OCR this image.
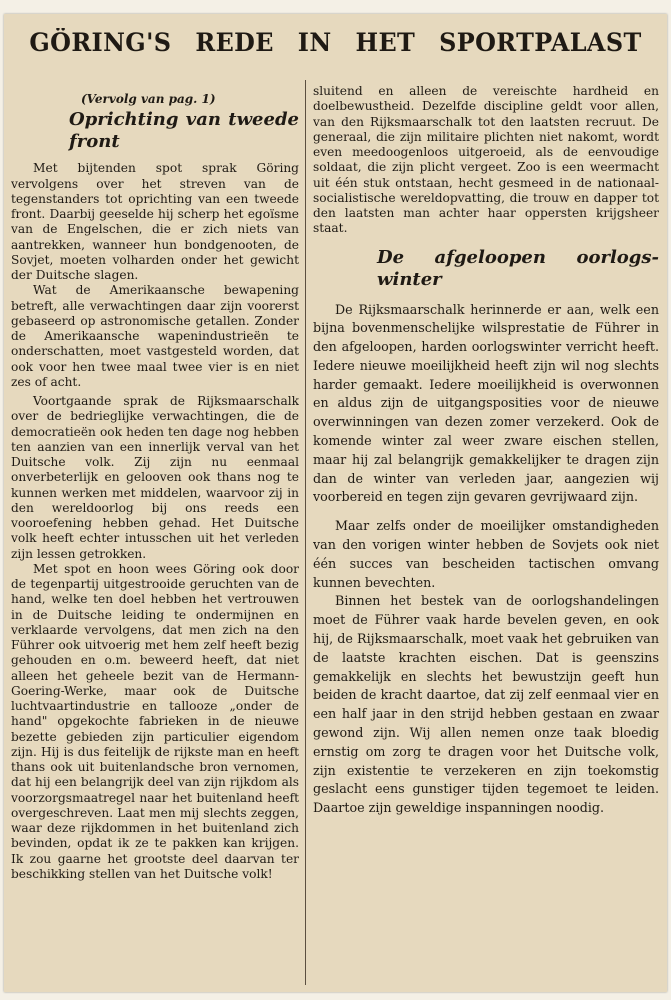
GÖRING'S REDE IN HET SPORTPALAST
(Vervolg van pag. 1)
Oprichting van tweede front

Met bijtenden spot sprak Göring vervolgens over het streven van de tegenstanders tot oprichting van een tweede front. Daarbij geeselde hij scherp het egoïsme van de Engelschen, die er zich niets van aantrekken, wanneer hun bondgenooten, de Sovjet, moeten volharden onder het gewicht der Duitsche slagen.

Wat de Amerikaansche bewapening betreft, alle verwachtingen daar zijn voorerst gebaseerd op astronomische getallen. Zonder de Amerikaansche wapenindustrieën te onderschatten, moet vastgesteld worden, dat ook voor hen twee maal twee vier is en niet zes of acht.

Voortgaande sprak de Rijksmaarschalk over de bedrieglijke verwachtingen, die de democratieën ook heden ten dage nog hebben ten aanzien van een innerlijk verval van het Duitsche volk. Zij zijn nu eenmaal onverbeterlijk en gelooven ook thans nog te kunnen werken met middelen, waarvoor zij in den wereldoorlog bij ons reeds een vooroefening hebben gehad. Het Duitsche volk heeft echter intusschen uit het verleden zijn lessen getrokken.

Met spot en hoon wees Göring ook door de tegenpartij uitgestrooide geruchten van de hand, welke ten doel hebben het vertrouwen in de Duitsche leiding te ondermijnen en verklaarde vervolgens, dat men zich na den Führer ook uitvoerig met hem zelf heeft bezig gehouden en o.m. beweerd heeft, dat niet alleen het geheele bezit van de Hermann-Goering-Werke, maar ook de Duitsche luchtvaartindustrie en tallooze „onder de hand" opgekochte fabrieken in de nieuwe bezette gebieden zijn particulier eigendom zijn. Hij is dus feitelijk de rijkste man en heeft thans ook uit buitenlandsche bron vernomen, dat hij een belangrijk deel van zijn rijkdom als voorzorgsmaatregel naar het buitenland heeft overgeschreven. Laat men mij slechts zeggen, waar deze rijkdommen in het buitenland zich bevinden, opdat ik ze te pakken kan krijgen. Ik zou gaarne het grootste deel daarvan ter beschikking stellen van het Duitsche volk!

sluitend en alleen de vereischte hardheid en doelbewustheid. Dezelfde discipline geldt voor allen, van den Rijksmaarschalk tot den laatsten recruut. De generaal, die zijn militaire plichten niet nakomt, wordt even meedoogenloos uitgeroeid, als de eenvoudige soldaat, die zijn plicht vergeet. Zoo is een weermacht uit één stuk ontstaan, hecht gesmeed in de nationaal-socialistische wereldopvatting, die trouw en dapper tot den laatsten man achter haar oppersten krijgsheer staat.

De afgeloopen oorlogs-winter

De Rijksmaarschalk herinnerde er aan, welk een bijna bovenmenschelijke wilsprestatie de Führer in den afgeloopen, harden oorlogswinter verricht heeft. Iedere nieuwe moeilijkheid heeft zijn wil nog slechts harder gemaakt. Iedere moeilijkheid is overwonnen en aldus zijn de uitgangsposities voor de nieuwe overwinningen van dezen zomer verzekerd. Ook de komende winter zal weer zware eischen stellen, maar hij zal belangrijk gemakkelijker te dragen zijn dan de winter van verleden jaar, aangezien wij voorbereid en tegen zijn gevaren gevrijwaard zijn.

Maar zelfs onder de moeilijker omstandigheden van den vorigen winter hebben de Sovjets ook niet één succes van bescheiden tactischen omvang kunnen bevechten.

Binnen het bestek van de oorlogshandelingen moet de Führer vaak harde bevelen geven, en ook hij, de Rijksmaarschalk, moet vaak het gebruiken van de laatste krachten eischen. Dat is geenszins gemakkelijk en slechts het bewustzijn geeft hun beiden de kracht daartoe, dat zij zelf eenmaal vier en een half jaar in den strijd hebben gestaan en zwaar gewond zijn. Wij allen nemen onze taak bloedig ernstig om zorg te dragen voor het Duitsche volk, zijn existentie te verzekeren en zijn toekomstig geslacht eens gunstiger tijden tegemoet te leiden. Daartoe zijn geweldige inspanningen noodig.
